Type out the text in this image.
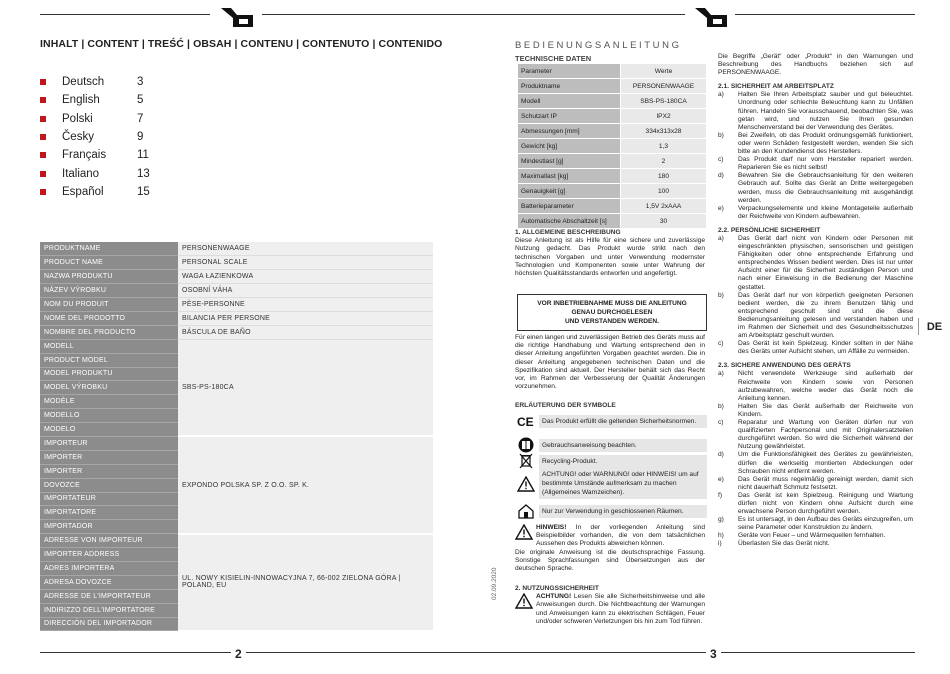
INHALT | CONTENT | TREŚĆ | OBSAH | CONTENU | CONTENUTO | CONTENIDO
Deutsch	3
English	5
Polski	7
Česky	9
Français	11
Italiano	13
Español	15
PRODUKTNAME	PERSONENWAAGE
PRODUCT NAME	PERSONAL SCALE
NAZWA PRODUKTU	WAGA ŁAZIENKOWA
NÁZEV VÝROBKU	OSOBNÍ VÁHA
NOM DU PRODUIT	PÈSE-PERSONNE
NOME DEL PRODOTTO	BILANCIA PER PERSONE
NOMBRE DEL PRODUCTO	BÁSCULA DE BAÑO
MODELL	SBS-PS-180CA
PRODUCT MODEL	
MODEL PRODUKTU	
MODEL VÝROBKU	
MODÈLE	
MODELLO	
MODELO	
IMPORTEUR	EXPONDO POLSKA SP. Z O.O. SP. K.
IMPORTER	
IMPORTER	
DOVOZCE	
IMPORTATEUR	
IMPORTATORE	
IMPORTADOR	
ADRESSE VON IMPORTEUR	UL. NOWY KISIELIN-INNOWACYJNA 7, 66-002 ZIELONA GÓRA | POLAND, EU
IMPORTER ADDRESS	
ADRES IMPORTERA	
ADRESA DOVOZCE	
ADRESSE DE L'IMPORTATEUR	
INDIRIZZO DELL'IMPORTATORE	
DIRECCIÓN DEL IMPORTADOR	
2
BEDIENUNGSANLEITUNG
TECHNISCHE DATEN
Parameter	Werte
Produktname	PERSONENWAAGE
Modell	SBS-PS-180CA
Schutzart IP	IPX2
Abmessungen [mm]	334x313x28
Gewicht [kg]	1,3
Mindestlast [g]	2
Maximallast [kg]	180
Genauigkeit [g]	100
Batterieparameter	1,5V 2xAAA
Automatische Abschaltzeit [s]	30
1. ALLGEMEINE BESCHREIBUNG
Diese Anleitung ist als Hilfe für eine sichere und zuverlässige Nutzung gedacht. Das Produkt wurde strikt nach den technischen Vorgaben und unter Verwendung modernster Technologien und Komponenten sowie unter Wahrung der höchsten Qualitätsstandards entworfen und angefertigt.
VOR INBETRIEBNAHME MUSS DIE ANLEITUNG
GENAU DURCHGELESEN
UND VERSTANDEN WERDEN.
Für einen langen und zuverlässigen Betrieb des Geräts muss auf die richtige Handhabung und Wartung entsprechend den in dieser Anleitung angeführten Vorgaben geachtet werden. Die in dieser Anleitung angegebenen technischen Daten und die Spezifikation sind aktuell. Der Hersteller behält sich das Recht vor, im Rahmen der Verbesserung der Qualität Änderungen vorzunehmen.
ERLÄUTERUNG DER SYMBOLE
CE	Das Produkt erfüllt die geltenden Sicherheitsnormen.
Gebrauchsanweisung beachten.
Recycling-Produkt.
ACHTUNG! oder WARNUNG! oder HINWEIS! um auf bestimmte Umstände aufmerksam zu machen (Allgemeines Warnzeichen).
Nur zur Verwendung in geschlossenen Räumen.
HINWEIS! In der vorliegenden Anleitung sind Beispielbilder vorhanden, die von dem tatsächlichen Aussehen des Produkts abweichen können.
Die originale Anweisung ist die deutschsprachige Fassung. Sonstige Sprachfassungen sind Übersetzungen aus der deutschen Sprache.
2. NUTZUNGSSICHERHEIT
ACHTUNG! Lesen Sie alle Sicherheitshinweise und alle Anweisungen durch. Die Nichtbeachtung der Warnungen und Anweisungen kann zu elektrischen Schlägen, Feuer und/oder schweren Verletzungen bis hin zum Tod führen.
02.09.2020
Die Begriffe „Gerät“ oder „Produkt“ in den Warnungen und Beschreibung des Handbuchs beziehen sich auf PERSONENWAAGE.
2.1. SICHERHEIT AM ARBEITSPLATZ
a)	Halten Sie Ihren Arbeitsplatz sauber und gut beleuchtet. Unordnung oder schlechte Beleuchtung kann zu Unfällen führen. Handeln Sie vorausschauend, beobachten Sie, was getan wird, und nutzen Sie Ihren gesunden Menschenverstand bei der Verwendung des Gerätes.
b)	Bei Zweifeln, ob das Produkt ordnungsgemäß funktioniert, oder wenn Schäden festgestellt werden, wenden Sie sich bitte an den Kundendienst des Herstellers.
c)	Das Produkt darf nur vom Hersteller repariert werden. Reparieren Sie es nicht selbst!
d)	Bewahren Sie die Gebrauchsanleitung für den weiteren Gebrauch auf. Sollte das Gerät an Dritte weitergegeben werden, muss die Gebrauchsanleitung mit ausgehändigt werden.
e)	Verpackungselemente und kleine Montageteile außerhalb der Reichweite von Kindern aufbewahren.
2.2. PERSÖNLICHE SICHERHEIT
a)	Das Gerät darf nicht von Kindern oder Personen mit eingeschränkten physischen, sensorischen und geistigen Fähigkeiten oder ohne entsprechende Erfahrung und entsprechendes Wissen bedient werden. Dies ist nur unter Aufsicht einer für die Sicherheit zuständigen Person und nach einer Einweisung in die Bedienung der Maschine gestattet.
b)	Das Gerät darf nur von körperlich geeigneten Personen bedient werden, die zu ihrem Benutzen fähig und entsprechend geschult sind und die diese Bedienungsanleitung gelesen und verstanden haben und im Rahmen der Sicherheit und des Gesundheitsschutzes am Arbeitsplatz geschult wurden.
c)	Das Gerät ist kein Spielzeug. Kinder sollten in der Nähe des Geräts unter Aufsicht stehen, um Affälle zu vermeiden.
2.3. SICHERE ANWENDUNG DES GERÄTS
a)	Nicht verwendete Werkzeuge sind außerhalb der Reichweite von Kindern sowie von Personen aufzubewahren, welche weder das Gerät noch die Anleitung kennen.
b)	Halten Sie das Gerät außerhalb der Reichweite von Kindern.
c)	Reparatur und Wartung von Geräten dürfen nur von qualifizierten Fachpersonal und mit Originalersatzteilen durchgeführt werden. So wird die Sicherheit während der Nutzung gewährleistet.
d)	Um die Funktionsfähigkeit des Gerätes zu gewährleisten, dürfen die werkseitig montierten Abdeckungen oder Schrauben nicht entfernt werden.
e)	Das Gerät muss regelmäßig gereinigt werden, damit sich nicht dauerhaft Schmutz festsetzt.
f)	Das Gerät ist kein Spielzeug. Reinigung und Wartung dürfen nicht von Kindern ohne Aufsicht durch eine erwachsene Person durchgeführt werden.
g)	Es ist untersagt, in den Aufbau des Geräts einzugreifen, um seine Parameter oder Konstruktion zu ändern.
h)	Geräte von Feuer – und Wärmequellen fernhalten.
i)	Überlasten Sie das Gerät nicht.
DE
3
